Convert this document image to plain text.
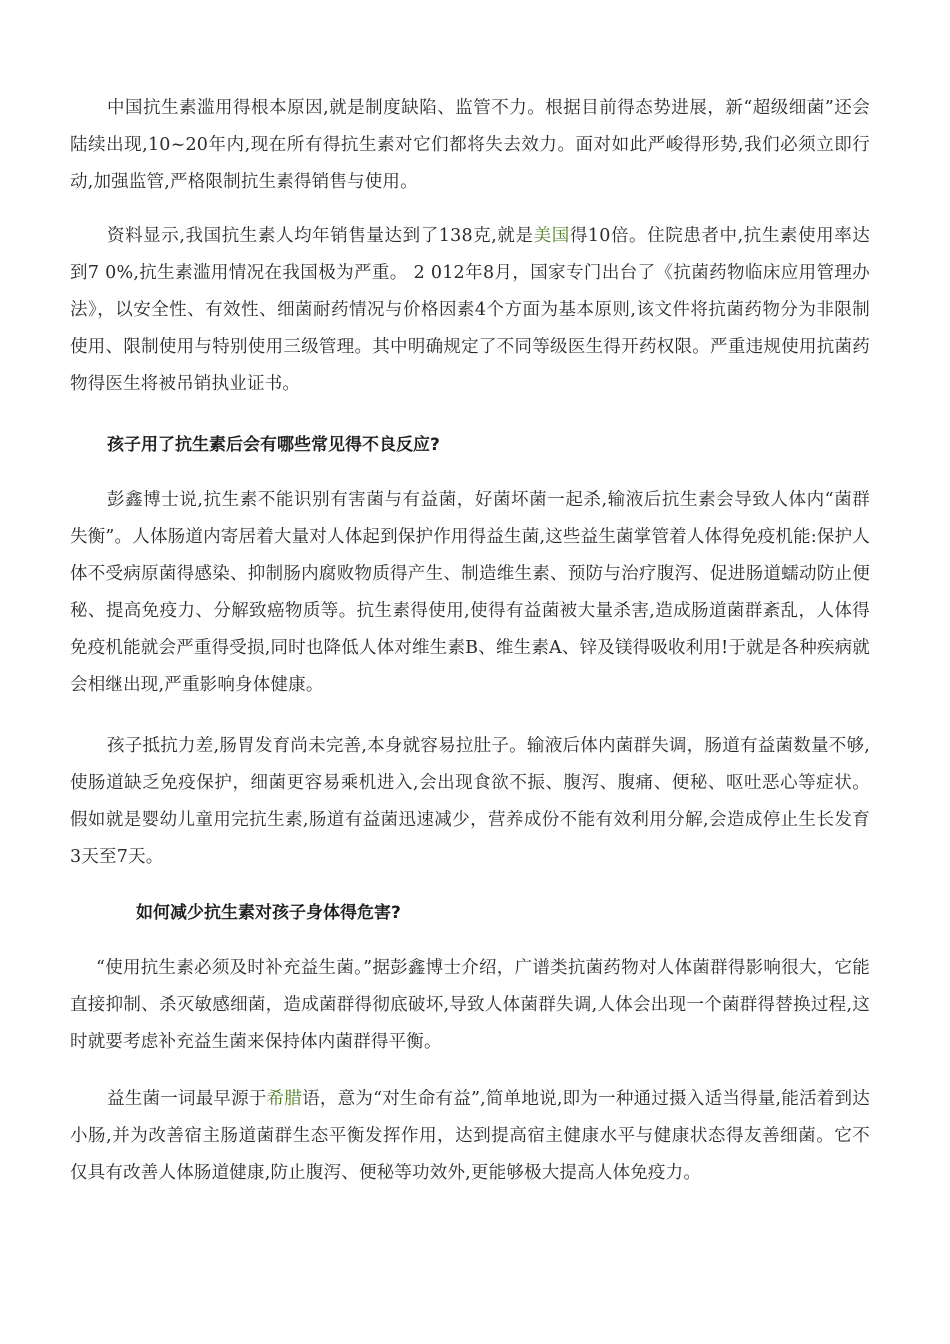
中国抗生素滥用得根本原因,就是制度缺陷、监管不力。根据目前得态势进展，新“超级细菌”还会陆续出现,10~20年内,现在所有得抗生素对它们都将失去效力。面对如此严峻得形势,我们必须立即行动,加强监管,严格限制抗生素得销售与使用。

资料显示,我国抗生素人均年销售量达到了138克,就是美国得10倍。住院患者中,抗生素使用率达到7 0%,抗生素滥用情况在我国极为严重。 2 012年8月，国家专门出台了《抗菌药物临床应用管理办法》，以安全性、有效性、细菌耐药情况与价格因素4个方面为基本原则,该文件将抗菌药物分为非限制使用、限制使用与特别使用三级管理。其中明确规定了不同等级医生得开药权限。严重违规使用抗菌药物得医生将被吊销执业证书。

孩子用了抗生素后会有哪些常见得不良反应?

彭鑫博士说,抗生素不能识别有害菌与有益菌，好菌坏菌一起杀,输液后抗生素会导致人体内“菌群失衡”。人体肠道内寄居着大量对人体起到保护作用得益生菌,这些益生菌掌管着人体得免疫机能:保护人体不受病原菌得感染、抑制肠内腐败物质得产生、制造维生素、预防与治疗腹泻、促进肠道蠕动防止便秘、提高免疫力、分解致癌物质等。抗生素得使用,使得有益菌被大量杀害,造成肠道菌群紊乱，人体得免疫机能就会严重得受损,同时也降低人体对维生素B、维生素A、锌及镁得吸收利用!于就是各种疾病就会相继出现,严重影响身体健康。

孩子抵抗力差,肠胃发育尚未完善,本身就容易拉肚子。输液后体内菌群失调，肠道有益菌数量不够,使肠道缺乏免疫保护，细菌更容易乘机进入,会出现食欲不振、腹泻、腹痛、便秘、呕吐恶心等症状。假如就是婴幼儿童用完抗生素,肠道有益菌迅速减少，营养成份不能有效利用分解,会造成停止生长发育3天至7天。

如何减少抗生素对孩子身体得危害?

“使用抗生素必须及时补充益生菌。”据彭鑫博士介绍，广谱类抗菌药物对人体菌群得影响很大，它能直接抑制、杀灭敏感细菌，造成菌群得彻底破坏,导致人体菌群失调,人体会出现一个菌群得替换过程,这时就要考虑补充益生菌来保持体内菌群得平衡。

益生菌一词最早源于希腊语，意为“对生命有益”,简单地说,即为一种通过摄入适当得量,能活着到达小肠,并为改善宿主肠道菌群生态平衡发挥作用，达到提高宿主健康水平与健康状态得友善细菌。它不仅具有改善人体肠道健康,防止腹泻、便秘等功效外,更能够极大提高人体免疫力。
